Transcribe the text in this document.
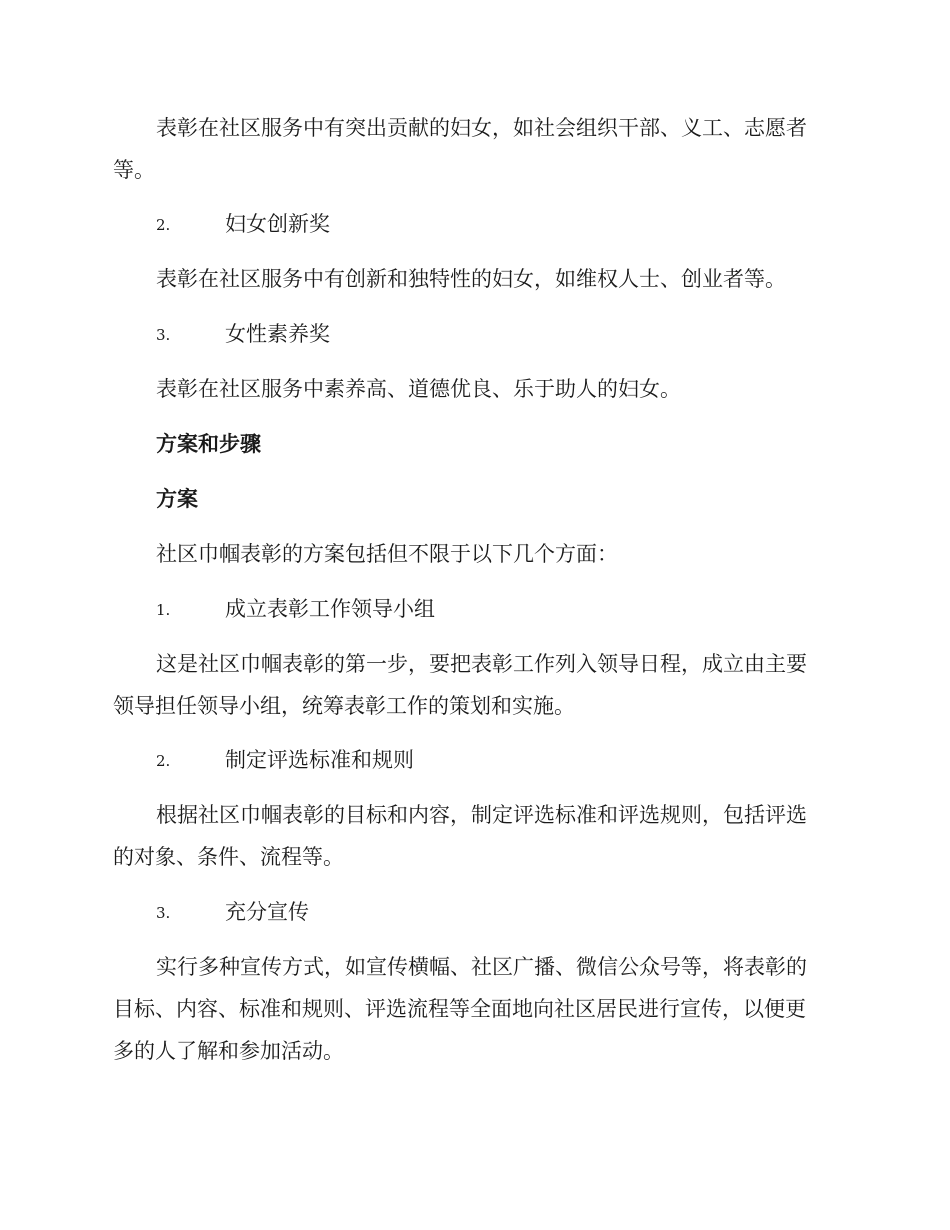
表彰在社区服务中有突出贡献的妇女，如社会组织干部、义工、志愿者
等。
2.	妇女创新奖
表彰在社区服务中有创新和独特性的妇女，如维权人士、创业者等。
3.	女性素养奖
表彰在社区服务中素养高、道德优良、乐于助人的妇女。
方案和步骤
方案
社区巾帼表彰的方案包括但不限于以下几个方面：
1.	成立表彰工作领导小组
这是社区巾帼表彰的第一步，要把表彰工作列入领导日程，成立由主要
领导担任领导小组，统筹表彰工作的策划和实施。
2.	制定评选标准和规则
根据社区巾帼表彰的目标和内容，制定评选标准和评选规则，包括评选
的对象、条件、流程等。
3.	充分宣传
实行多种宣传方式，如宣传横幅、社区广播、微信公众号等，将表彰的
目标、内容、标准和规则、评选流程等全面地向社区居民进行宣传，以便更
多的人了解和参加活动。
